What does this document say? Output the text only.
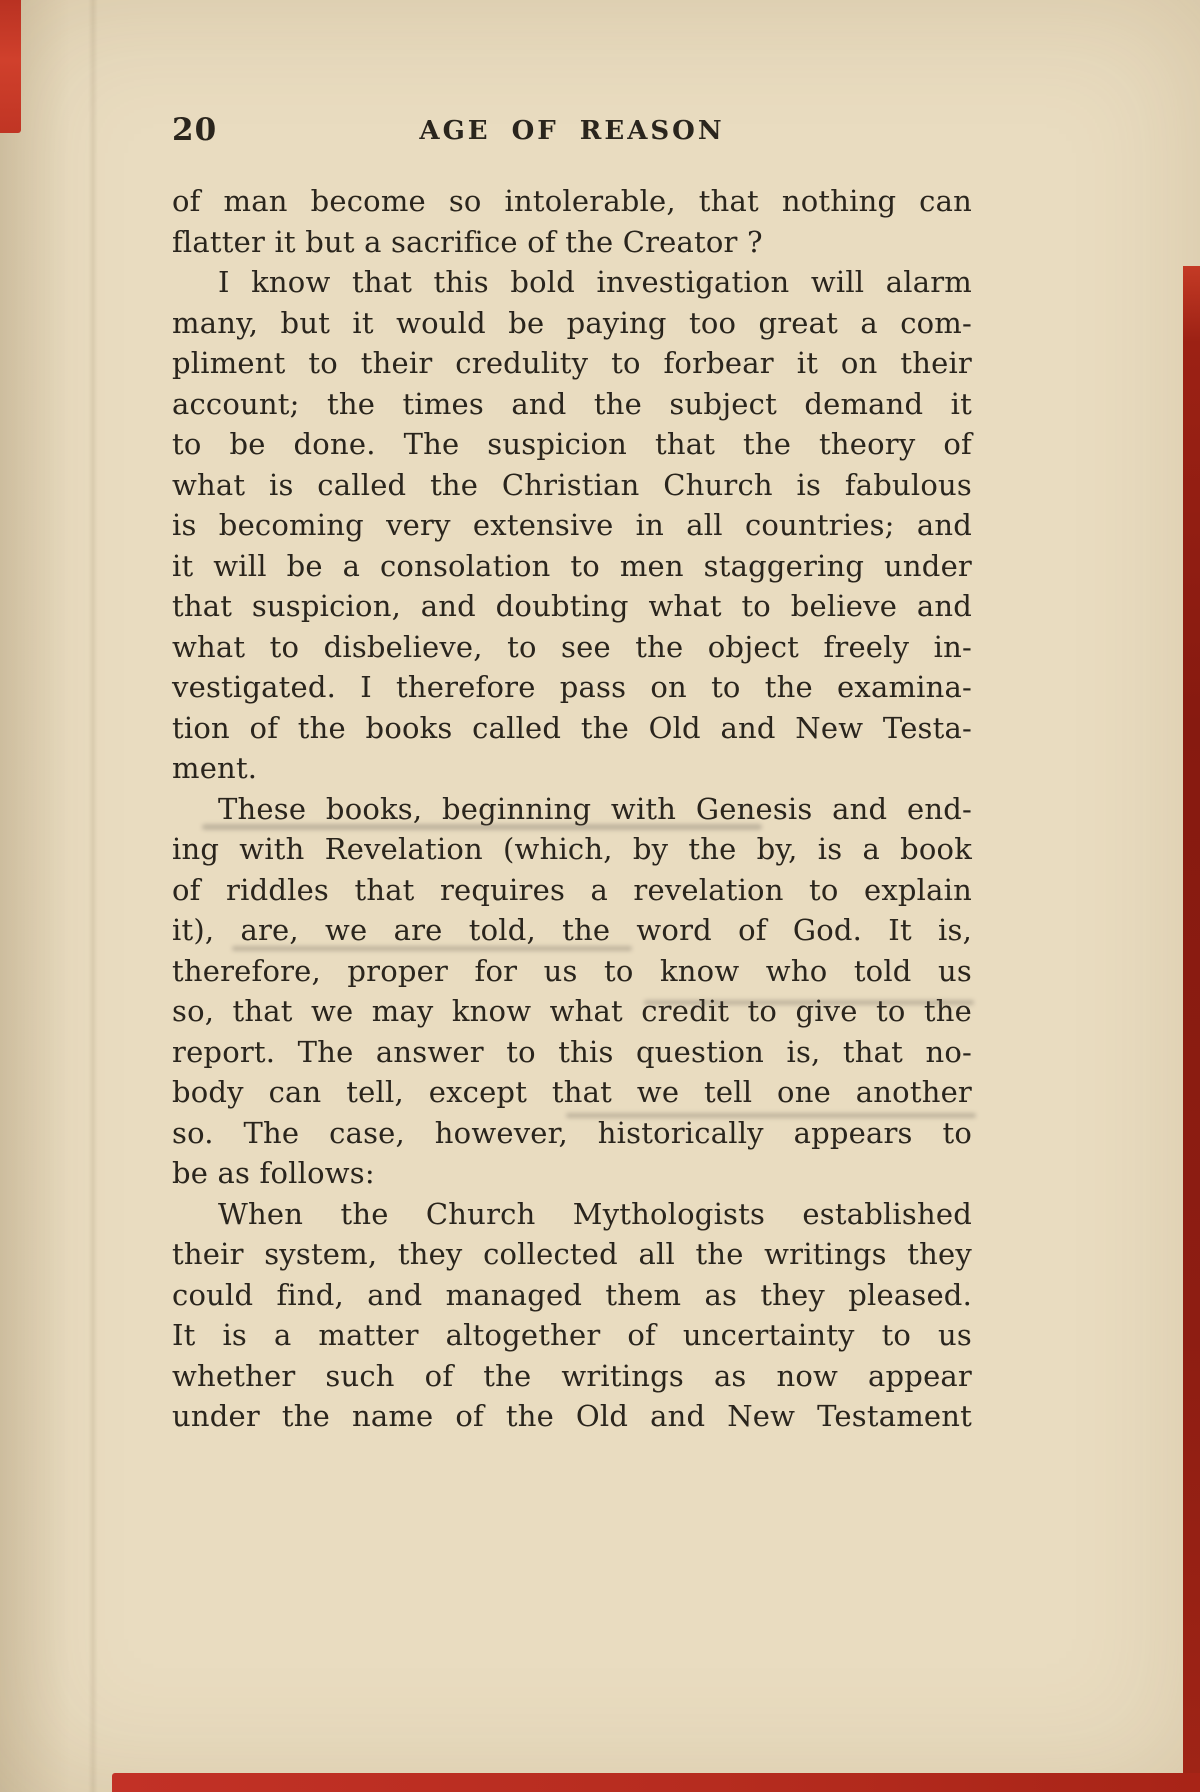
20	AGE OF REASON
of man become so intolerable, that nothing can
flatter it but a sacrifice of the Creator ?
I know that this bold investigation will alarm
many, but it would be paying too great a com-
pliment to their credulity to forbear it on their
account; the times and the subject demand it
to be done. The suspicion that the theory of
what is called the Christian Church is fabulous
is becoming very extensive in all countries; and
it will be a consolation to men staggering under
that suspicion, and doubting what to believe and
what to disbelieve, to see the object freely in-
vestigated. I therefore pass on to the examina-
tion of the books called the Old and New Testa-
ment.
These books, beginning with Genesis and end-
ing with Revelation (which, by the by, is a book
of riddles that requires a revelation to explain
it), are, we are told, the word of God. It is,
therefore, proper for us to know who told us
so, that we may know what credit to give to the
report. The answer to this question is, that no-
body can tell, except that we tell one another
so. The case, however, historically appears to
be as follows:
When the Church Mythologists established
their system, they collected all the writings they
could find, and managed them as they pleased.
It is a matter altogether of uncertainty to us
whether such of the writings as now appear
under the name of the Old and New Testament
